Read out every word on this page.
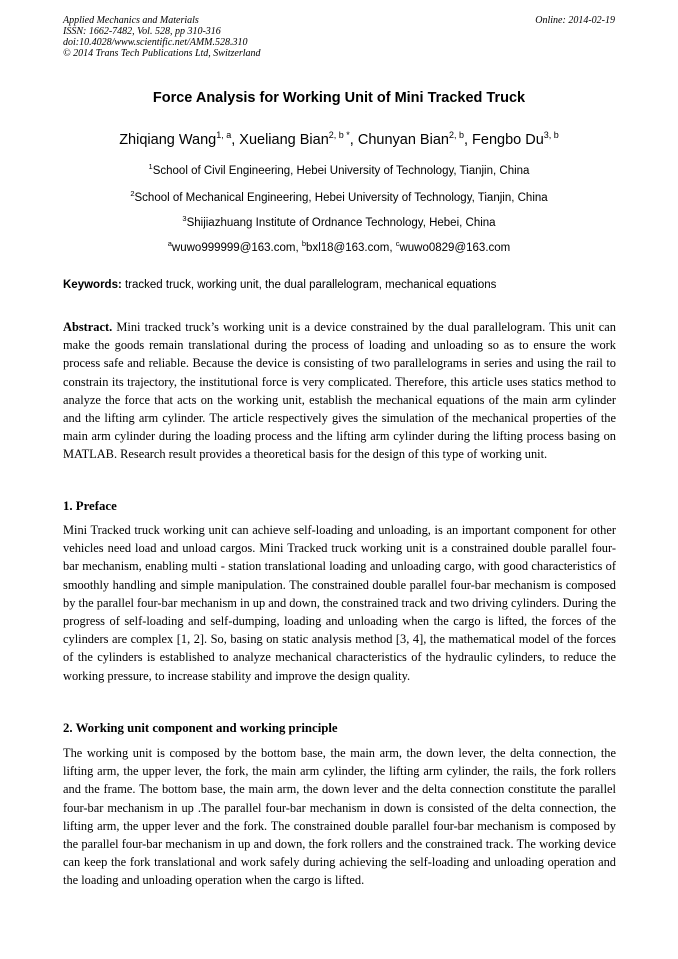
Applied Mechanics and Materials
ISSN: 1662-7482, Vol. 528, pp 310-316
doi:10.4028/www.scientific.net/AMM.528.310
© 2014 Trans Tech Publications Ltd, Switzerland
Online: 2014-02-19
Force Analysis for Working Unit of Mini Tracked Truck
Zhiqiang Wang$^{1, a}$, Xueliang Bian$^{2, b *}$, Chunyan Bian$^{2, b}$, Fengbo Du$^{3, b}$
$^1$School of Civil Engineering, Hebei University of Technology, Tianjin, China
$^2$School of Mechanical Engineering, Hebei University of Technology, Tianjin, China
$^3$Shijiazhuang Institute of Ordnance Technology, Hebei, China
$^a$wuwo999999@163.com, $^b$bxl18@163.com, $^c$wuwo0829@163.com
Keywords: tracked truck, working unit, the dual parallelogram, mechanical equations
Abstract. Mini tracked truck’s working unit is a device constrained by the dual parallelogram. This unit can make the goods remain translational during the process of loading and unloading so as to ensure the work process safe and reliable. Because the device is consisting of two parallelograms in series and using the rail to constrain its trajectory, the institutional force is very complicated. Therefore, this article uses statics method to analyze the force that acts on the working unit, establish the mechanical equations of the main arm cylinder and the lifting arm cylinder. The article respectively gives the simulation of the mechanical properties of the main arm cylinder during the loading process and the lifting arm cylinder during the lifting process basing on MATLAB. Research result provides a theoretical basis for the design of this type of working unit.
1. Preface
Mini Tracked truck working unit can achieve self-loading and unloading, is an important component for other vehicles need load and unload cargos. Mini Tracked truck working unit is a constrained double parallel four-bar mechanism, enabling multi - station translational loading and unloading cargo, with good characteristics of smoothly handling and simple manipulation. The constrained double parallel four-bar mechanism is composed by the parallel four-bar mechanism in up and down, the constrained track and two driving cylinders. During the progress of self-loading and self-dumping, loading and unloading when the cargo is lifted, the forces of the cylinders are complex [1, 2]. So, basing on static analysis method [3, 4], the mathematical model of the forces of the cylinders is established to analyze mechanical characteristics of the hydraulic cylinders, to reduce the working pressure, to increase stability and improve the design quality.
2. Working unit component and working principle
The working unit is composed by the bottom base, the main arm, the down lever, the delta connection, the lifting arm, the upper lever, the fork, the main arm cylinder, the lifting arm cylinder, the rails, the fork rollers and the frame. The bottom base, the main arm, the down lever and the delta connection constitute the parallel four-bar mechanism in up .The parallel four-bar mechanism in down is consisted of the delta connection, the lifting arm, the upper lever and the fork. The constrained double parallel four-bar mechanism is composed by the parallel four-bar mechanism in up and down, the fork rollers and the constrained track. The working device can keep the fork translational and work safely during achieving the self-loading and unloading operation and the loading and unloading operation when the cargo is lifted.
